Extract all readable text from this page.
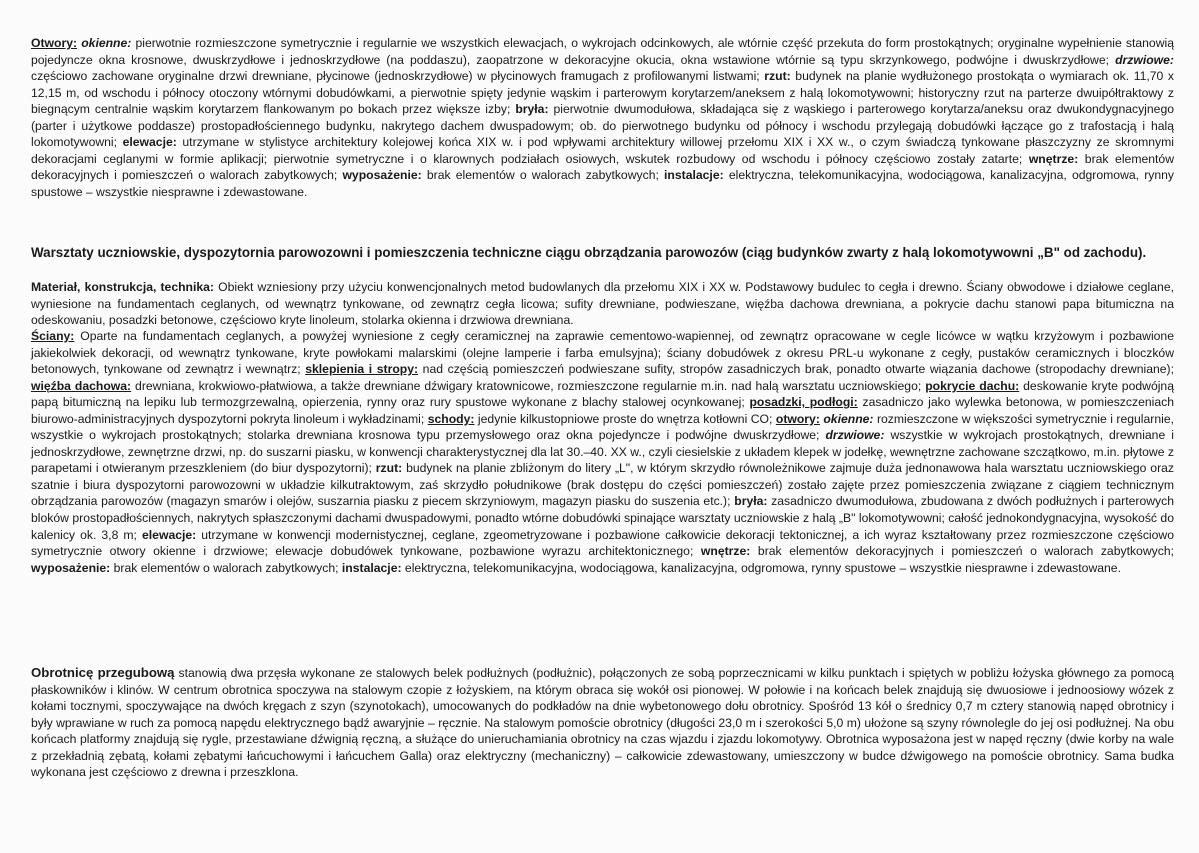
Otwory: okienne: pierwotnie rozmieszczone symetrycznie i regularnie we wszystkich elewacjach, o wykrojach odcinkowych, ale wtórnie część przekuta do form prostokątnych; oryginalne wypełnienie stanowią pojedyncze okna krosnowe, dwuskrzydłowe i jednoskrzydłowe (na poddaszu), zaopatrzone w dekoracyjne okucia, okna wstawione wtórnie są typu skrzynkowego, podwójne i dwuskrzydłowe; drzwiowe: częściowo zachowane oryginalne drzwi drewniane, płycinowe (jednoskrzydłowe) w płycinowych framugach z profilowanymi listwami; rzut: budynek na planie wydłużonego prostokąta o wymiarach ok. 11,70 x 12,15 m, od wschodu i północy otoczony wtórnymi dobudówkami, a pierwotnie spięty jedynie wąskim i parterowym korytarzem/aneksem z halą lokomotywowni; historyczny rzut na parterze dwuipółtraktowy z biegnącym centralnie wąskim korytarzem flankowanym po bokach przez większe izby; bryła: pierwotnie dwumodułowa, składająca się z wąskiego i parterowego korytarza/aneksu oraz dwukondygnacyjnego (parter i użytkowe poddasze) prostopadłościennego budynku, nakrytego dachem dwuspadowym; ob. do pierwotnego budynku od północy i wschodu przylegają dobudówki łączące go z trafostacją i halą lokomotywowni; elewacje: utrzymane w stylistyce architektury kolejowej końca XIX w. i pod wpływami architektury willowej przełomu XIX i XX w., o czym świadczą tynkowane płaszczyzny ze skromnymi dekoracjami ceglanymi w formie aplikacji; pierwotnie symetryczne i o klarownych podziałach osiowych, wskutek rozbudowy od wschodu i północy częściowo zostały zatarte; wnętrze: brak elementów dekoracyjnych i pomieszczeń o walorach zabytkowych; wyposażenie: brak elementów o walorach zabytkowych; instalacje: elektryczna, telekomunikacyjna, wodociągowa, kanalizacyjna, odgromowa, rynny spustowe – wszystkie niesprawne i zdewastowane.
Warsztaty uczniowskie, dyspozytornia parowozowni i pomieszczenia techniczne ciągu obrządzania parowozów (ciąg budynków zwarty z halą lokomotywowni „B" od zachodu).
Materiał, konstrukcja, technika: Obiekt wzniesiony przy użyciu konwencjonalnych metod budowlanych dla przełomu XIX i XX w. Podstawowy budulec to cegła i drewno. Ściany obwodowe i działowe ceglane, wyniesione na fundamentach ceglanych, od wewnątrz tynkowane, od zewnątrz cegła licowa; sufity drewniane, podwieszane, więźba dachowa drewniana, a pokrycie dachu stanowi papa bitumiczna na odeskowaniu, posadzki betonowe, częściowo kryte linoleum, stolarka okienna i drzwiowa drewniana.
Ściany: Oparte na fundamentach ceglanych, a powyżej wyniesione z cegły ceramicznej na zaprawie cementowo-wapiennej, od zewnątrz opracowane w cegle licówce w wątku krzyżowym i pozbawione jakiekolwiek dekoracji, od wewnątrz tynkowane, kryte powłokami malarskimi (olejne lamperie i farba emulsyjna); ściany dobudówek z okresu PRL-u wykonane z cegły, pustaków ceramicznych i bloczków betonowych, tynkowane od zewnątrz i wewnątrz; sklepienia i stropy: nad częścią pomieszczeń podwieszane sufity, stropów zasadniczych brak, ponadto otwarte wiązania dachowe (stropodachy drewniane); więźba dachowa: drewniana, krokwiowo-płatwiowa, a także drewniane dźwigary kratownicowe, rozmieszczone regularnie m.in. nad halą warsztatu uczniowskiego; pokrycie dachu: deskowanie kryte podwójną papą bitumiczną na lepiku lub termozgrzewalną, opierzenia, rynny oraz rury spustowe wykonane z blachy stalowej ocynkowanej; posadzki, podłogi: zasadniczo jako wylewka betonowa, w pomieszczeniach biurowo-administracyjnych dyspozytorni pokryta linoleum i wykładzinami; schody: jedynie kilkustopniowe proste do wnętrza kotłowni CO; otwory: okienne: rozmieszczone w większości symetrycznie i regularnie, wszystkie o wykrojach prostokątnych; stolarka drewniana krosnowa typu przemysłowego oraz okna pojedyncze i podwójne dwuskrzydłowe; drzwiowe: wszystkie w wykrojach prostokątnych, drewniane i jednoskrzydłowe, zewnętrzne drzwi, np. do suszarni piasku, w konwencji charakterystycznej dla lat 30.–40. XX w., czyli ciesielskie z układem klepek w jodełkę, wewnętrzne zachowane szczątkowo, m.in. płytowe z parapetami i otwieranym przeszkleniem (do biur dyspozytorni); rzut: budynek na planie zbliżonym do litery „L", w którym skrzydło równoleżnikowe zajmuje duża jednonawowa hala warsztatu uczniowskiego oraz szatnie i biura dyspozytorni parowozowni w układzie kilkutraktowym, zaś skrzydło południkowe (brak dostępu do części pomieszczeń) zostało zajęte przez pomieszczenia związane z ciągiem technicznym obrządzania parowozów (magazyn smarów i olejów, suszarnia piasku z piecem skrzyniowym, magazyn piasku do suszenia etc.); bryła: zasadniczo dwumodułowa, zbudowana z dwóch podłużnych i parterowych bloków prostopadłościennych, nakrytych spłaszczonymi dachami dwuspadowymi, ponadto wtórne dobudówki spinające warsztaty uczniowskie z halą „B" lokomotywowni; całość jednokondygnacyjna, wysokość do kalenicy ok. 3,8 m; elewacje: utrzymane w konwencji modernistycznej, ceglane, zgeometryzowane i pozbawione całkowicie dekoracji tektonicznej, a ich wyraz kształtowany przez rozmieszczone częściowo symetrycznie otwory okienne i drzwiowe; elewacje dobudówek tynkowane, pozbawione wyrazu architektonicznego; wnętrze: brak elementów dekoracyjnych i pomieszczeń o walorach zabytkowych; wyposażenie: brak elementów o walorach zabytkowych; instalacje: elektryczna, telekomunikacyjna, wodociągowa, kanalizacyjna, odgromowa, rynny spustowe – wszystkie niesprawne i zdewastowane.
Obrotnicę przegubową stanowią dwa przęsła wykonane ze stalowych belek podłużnych (podłużnic), połączonych ze sobą poprzecznicami w kilku punktach i spiętych w pobliżu łożyska głównego za pomocą płaskowników i klinów. W centrum obrotnica spoczywa na stalowym czopie z łożyskiem, na którym obraca się wokół osi pionowej. W połowie i na końcach belek znajdują się dwuosiowe i jednoosiowy wózek z kołami tocznymi, spoczywające na dwóch kręgach z szyn (szynotokach), umocowanych do podkładów na dnie wybetonowego dołu obrotnicy. Spośród 13 kół o średnicy 0,7 m cztery stanowią napęd obrotnicy i były wprawiane w ruch za pomocą napędu elektrycznego bądź awaryjnie – ręcznie. Na stalowym pomoście obrotnicy (długości 23,0 m i szerokości 5,0 m) ułożone są szyny równolegle do jej osi podłużnej. Na obu końcach platformy znajdują się rygle, przestawiane dźwignią ręczną, a służące do unieruchamiania obrotnicy na czas wjazdu i zjazdu lokomotywy. Obrotnica wyposażona jest w napęd ręczny (dwie korby na wale z przekładnią zębatą, kołami zębatymi łańcuchowymi i łańcuchem Galla) oraz elektryczny (mechaniczny) – całkowicie zdewastowany, umieszczony w budce dźwigowego na pomoście obrotnicy. Sama budka wykonana jest częściowo z drewna i przeszklona.
